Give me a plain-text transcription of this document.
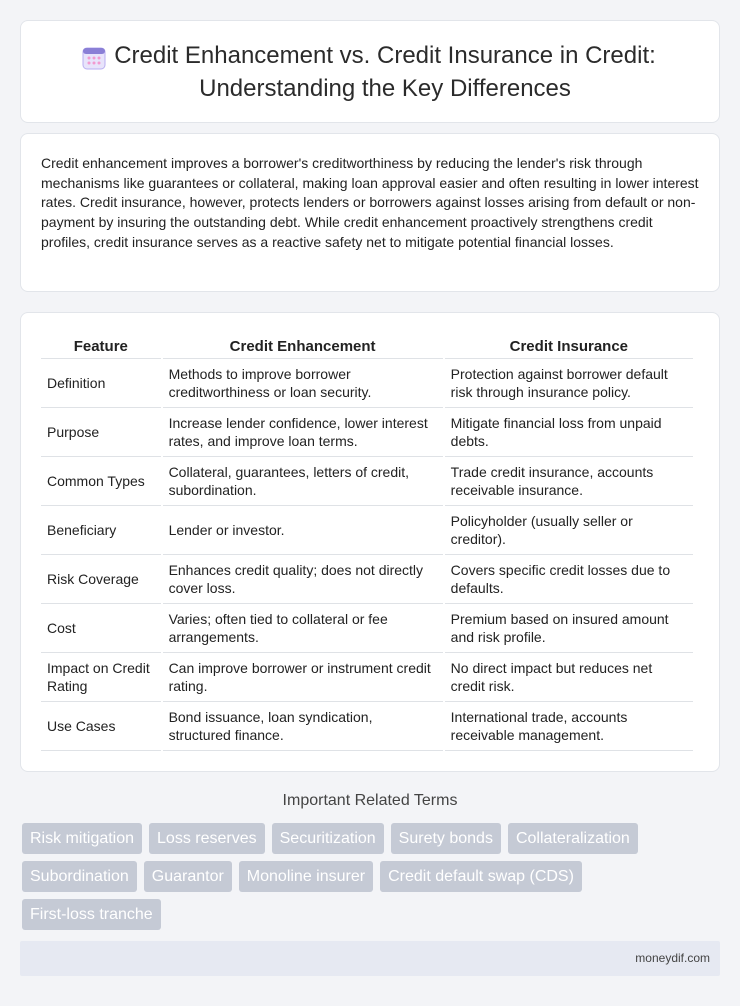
Credit Enhancement vs. Credit Insurance in Credit: Understanding the Key Differences

Credit enhancement improves a borrower's creditworthiness by reducing the lender's risk through mechanisms like guarantees or collateral, making loan approval easier and often resulting in lower interest rates. Credit insurance, however, protects lenders or borrowers against losses arising from default or non-payment by insuring the outstanding debt. While credit enhancement proactively strengthens credit profiles, credit insurance serves as a reactive safety net to mitigate potential financial losses.

Feature	Credit Enhancement	Credit Insurance
Definition	Methods to improve borrower creditworthiness or loan security.	Protection against borrower default risk through insurance policy.
Purpose	Increase lender confidence, lower interest rates, and improve loan terms.	Mitigate financial loss from unpaid debts.
Common Types	Collateral, guarantees, letters of credit, subordination.	Trade credit insurance, accounts receivable insurance.
Beneficiary	Lender or investor.	Policyholder (usually seller or creditor).
Risk Coverage	Enhances credit quality; does not directly cover loss.	Covers specific credit losses due to defaults.
Cost	Varies; often tied to collateral or fee arrangements.	Premium based on insured amount and risk profile.
Impact on Credit Rating	Can improve borrower or instrument credit rating.	No direct impact but reduces net credit risk.
Use Cases	Bond issuance, loan syndication, structured finance.	International trade, accounts receivable management.
Important Related Terms
Risk mitigation	Loss reserves	Securitization	Surety bonds	Collateralization
Subordination	Guarantor	Monoline insurer	Credit default swap (CDS)
First-loss tranche
moneydif.com
